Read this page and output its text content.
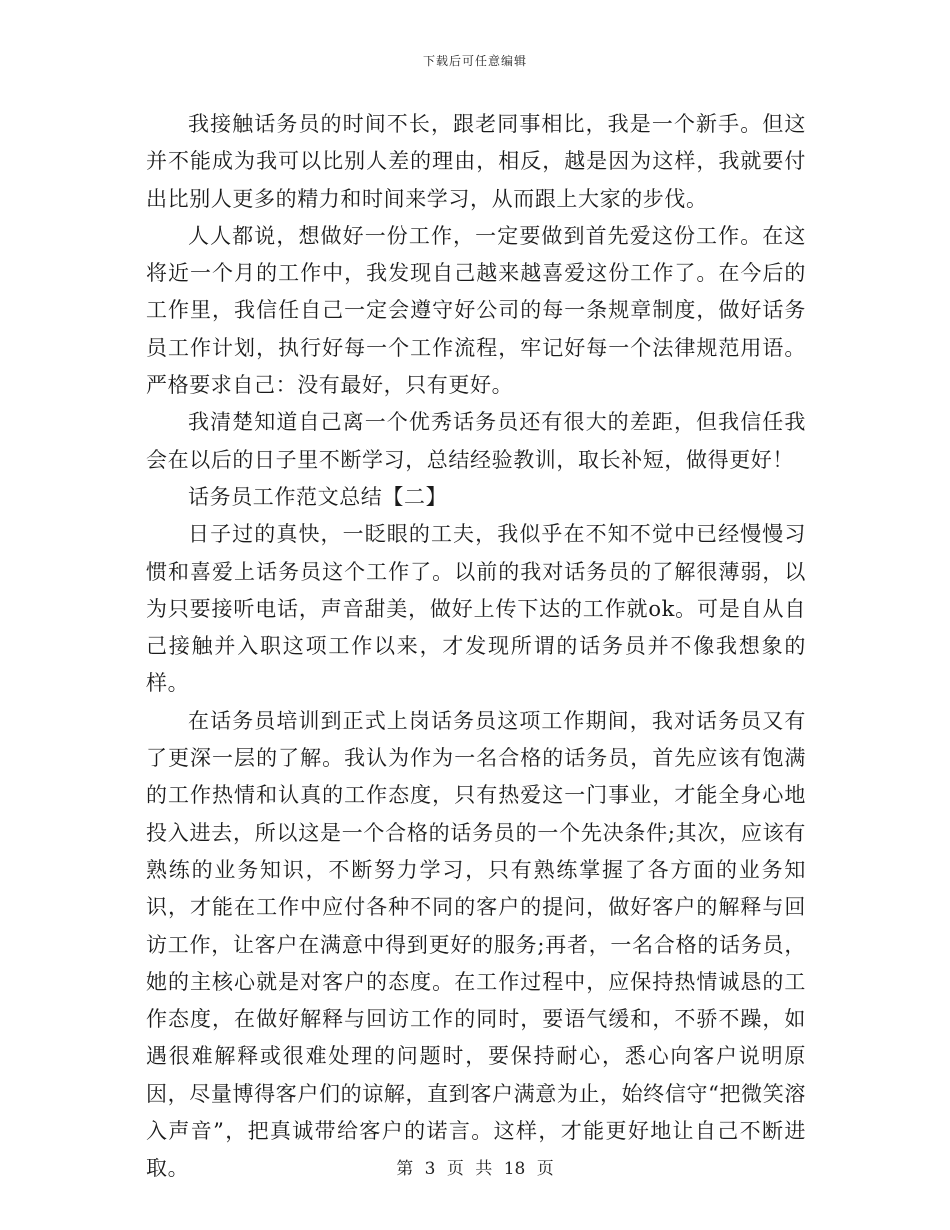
下载后可任意编辑

我接触话务员的时间不长，跟老同事相比，我是一个新手。但这并不能成为我可以比别人差的理由，相反，越是因为这样，我就要付出比别人更多的精力和时间来学习，从而跟上大家的步伐。

人人都说，想做好一份工作，一定要做到首先爱这份工作。在这将近一个月的工作中，我发现自己越来越喜爱这份工作了。在今后的工作里，我信任自己一定会遵守好公司的每一条规章制度，做好话务员工作计划，执行好每一个工作流程，牢记好每一个法律规范用语。严格要求自己：没有最好，只有更好。

我清楚知道自己离一个优秀话务员还有很大的差距，但我信任我会在以后的日子里不断学习，总结经验教训，取长补短，做得更好！

话务员工作范文总结【二】

日子过的真快，一眨眼的工夫，我似乎在不知不觉中已经慢慢习惯和喜爱上话务员这个工作了。以前的我对话务员的了解很薄弱，以为只要接听电话，声音甜美，做好上传下达的工作就ok。可是自从自己接触并入职这项工作以来，才发现所谓的话务员并不像我想象的样。

在话务员培训到正式上岗话务员这项工作期间，我对话务员又有了更深一层的了解。我认为作为一名合格的话务员，首先应该有饱满的工作热情和认真的工作态度，只有热爱这一门事业，才能全身心地投入进去，所以这是一个合格的话务员的一个先决条件;其次，应该有熟练的业务知识，不断努力学习，只有熟练掌握了各方面的业务知识，才能在工作中应付各种不同的客户的提问，做好客户的解释与回访工作，让客户在满意中得到更好的服务;再者，一名合格的话务员，她的主核心就是对客户的态度。在工作过程中，应保持热情诚恳的工作态度，在做好解释与回访工作的同时，要语气缓和，不骄不躁，如遇很难解释或很难处理的问题时，要保持耐心，悉心向客户说明原因，尽量博得客户们的谅解，直到客户满意为止，始终信守“把微笑溶入声音”，把真诚带给客户的诺言。这样，才能更好地让自己不断进取。	第 3 页 共 18 页
